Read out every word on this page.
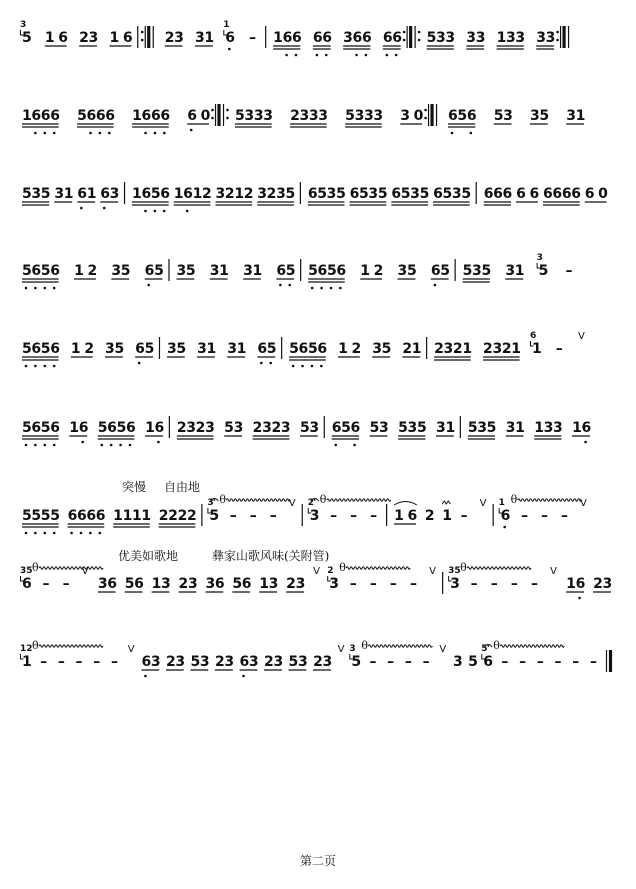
5
3
1 6 2 3 1 6 2 3 3 1 6
1
– 1 6 6 6 6 3 6 6 6 6 5 3 3 3 3 1 3 3 3 3
1 6 6 6 5 6 6 6 1 6 6 6 6 0 5 3 3 3 2 3 3 3 5 3 3 3 3 0 6 5 6 5 3 3 5 3 1
5 3 5 3 1 6 1 6 3 1 6 5 6 1 6 1 2 3 2 1 2 3 2 3 5 6 5 3 5 6 5 3 5 6 5 3 5 6 5 3 5 6 6 6 6 6 6 6 6 6 6 0
5 6 5 6 1 2 3 5 6 5 3 5 3 1 3 1 6 5 5 6 5 6 1 2 3 5 6 5 5 3 5 3 1 5
3
–
5 6 5 6 1 2 3 5 6 5 3 5 3 1 3 1 6 5 5 6 5 6 1 2 3 5 2 1 2 3 2 1 2 3 2 1 1
6
–
V
5 6 5 6 1 6 5 6 5 6 1 6 2 3 2 3 5 3 2 3 2 3 5 3 6 5 6 5 3 5 3 5 3 1 5 3 5 3 1 1 3 3 1 6
5 5 5 5 6 6 6 6 1 1 1 1 2 2 2 2 5
3 θ
– – –
V
3
2 θ
– – – 1 6 2 1 –
V
6
1 θ
– – –
V
6
35 θ
– –
V
3 6 5 6 1 3 2 3 3 6 5 6 1 3 2 3
V
3
2 θ
– – – –
V
3
35 θ
– – – –
V
1 6 2 3
1
12 θ
– – – – –
V
6 3 2 3 5 3 2 3 6 3 2 3 5 3 2 3
V
5
3 θ
– – – –
V
3 5 6
5 θ
– – – – – –
突慢 自由地
优美如歌地	彝家山歌风味(关附管)
第二页
